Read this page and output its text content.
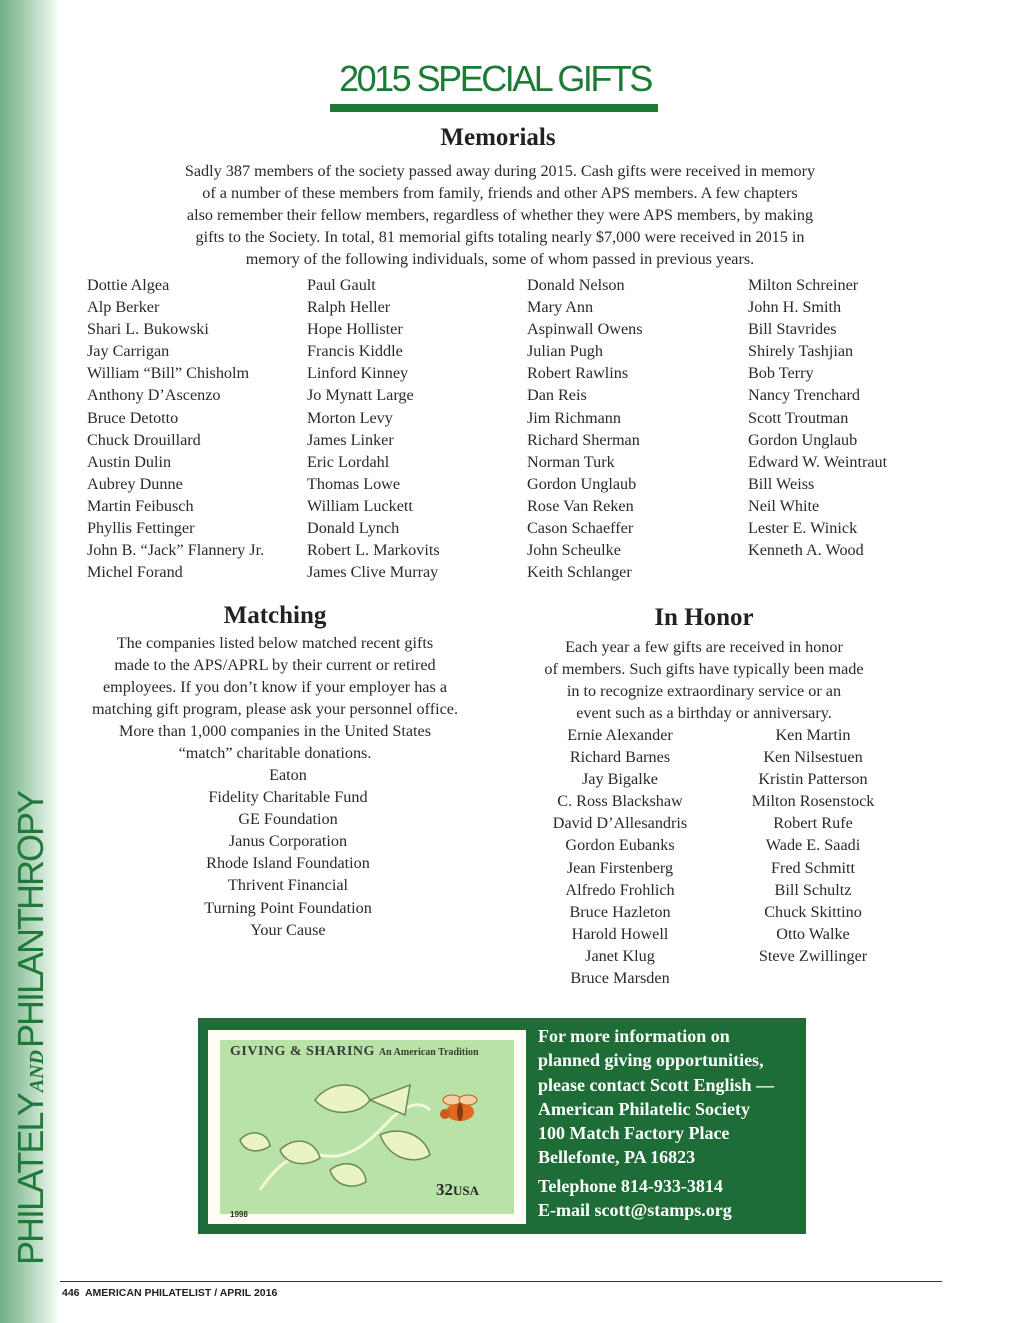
PHILATELYANDPHILANTHROPY
2015 SPECIAL GIFTS
Memorials
Sadly 387 members of the society passed away during 2015. Cash gifts were received in memory
of a number of these members from family, friends and other APS members. A few chapters
also remember their fellow members, regardless of whether they were APS members, by making
gifts to the Society. In total, 81 memorial gifts totaling nearly $7,000 were received in 2015 in
memory of the following individuals, some of whom passed in previous years.
Dottie Algea
Alp Berker
Shari L. Bukowski
Jay Carrigan
William “Bill” Chisholm
Anthony D’Ascenzo
Bruce Detotto
Chuck Drouillard
Austin Dulin
Aubrey Dunne
Martin Feibusch
Phyllis Fettinger
John B. “Jack” Flannery Jr.
Michel Forand
Paul Gault
Ralph Heller
Hope Hollister
Francis Kiddle
Linford Kinney
Jo Mynatt Large
Morton Levy
James Linker
Eric Lordahl
Thomas Lowe
William Luckett
Donald Lynch
Robert L. Markovits
James Clive Murray
Donald Nelson
Mary Ann
Aspinwall Owens
Julian Pugh
Robert Rawlins
Dan Reis
Jim Richmann
Richard Sherman
Norman Turk
Gordon Unglaub
Rose Van Reken
Cason Schaeffer
John Scheulke
Keith Schlanger
Milton Schreiner
John H. Smith
Bill Stavrides
Shirely Tashjian
Bob Terry
Nancy Trenchard
Scott Troutman
Gordon Unglaub
Edward W. Weintraut
Bill Weiss
Neil White
Lester E. Winick
Kenneth A. Wood
Matching
The companies listed below matched recent gifts
made to the APS/APRL by their current or retired
employees. If you don’t know if your employer has a
matching gift program, please ask your personnel office.
More than 1,000 companies in the United States
“match” charitable donations.
Eaton
Fidelity Charitable Fund
GE Foundation
Janus Corporation
Rhode Island Foundation
Thrivent Financial
Turning Point Foundation
Your Cause
In Honor
Each year a few gifts are received in honor
of members. Such gifts have typically been made
in to recognize extraordinary service or an
event such as a birthday or anniversary.
Ernie Alexander
Richard Barnes
Jay Bigalke
C. Ross Blackshaw
David D’Allesandris
Gordon Eubanks
Jean Firstenberg
Alfredo Frohlich
Bruce Hazleton
Harold Howell
Janet Klug
Bruce Marsden
Ken Martin
Ken Nilsestuen
Kristin Patterson
Milton Rosenstock
Robert Rufe
Wade E. Saadi
Fred Schmitt
Bill Schultz
Chuck Skittino
Otto Walke
Steve Zwillinger
GIVING & SHARING An American Tradition
32USA
1998

For more information on

planned giving opportunities,

please contact Scott English —

American Philatelic Society

100 Match Factory Place

Bellefonte, PA 16823

Telephone 814-933-3814

E-mail scott@stamps.org

446  AMERICAN PHILATELIST / APRIL 2016
